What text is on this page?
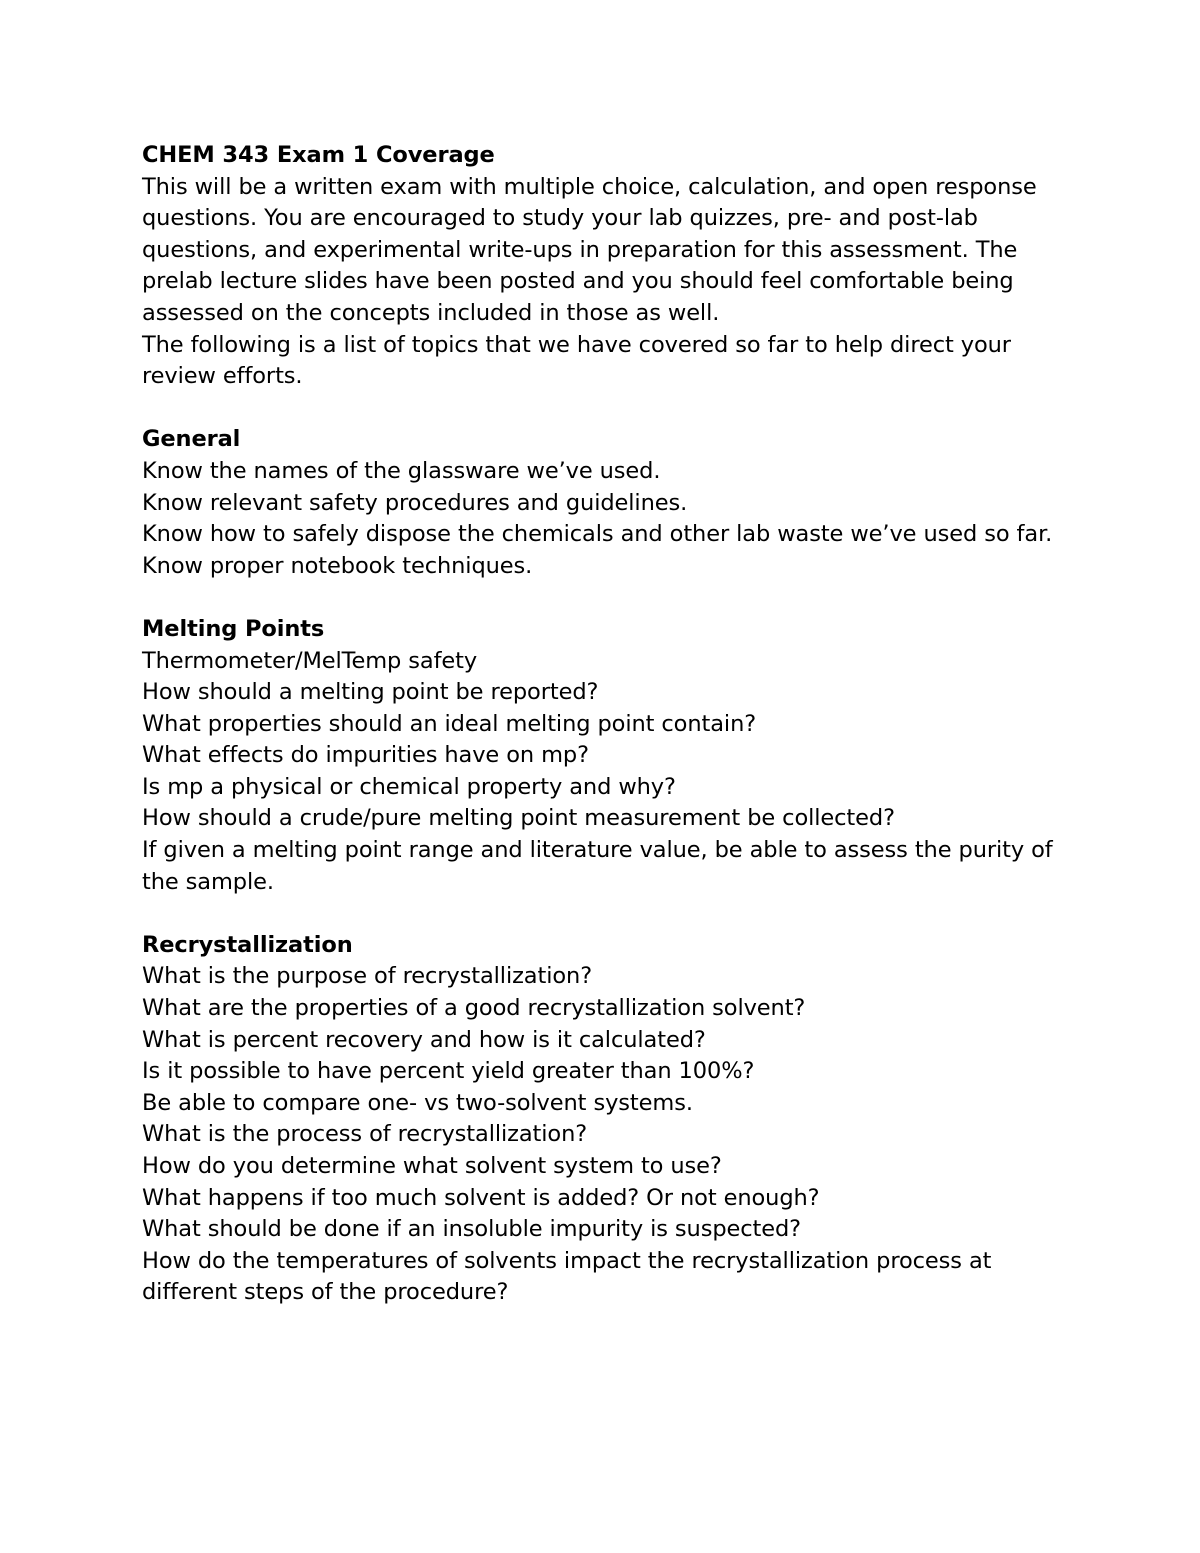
CHEM 343 Exam 1 Coverage

This will be a written exam with multiple choice, calculation, and open response questions. You are encouraged to study your lab quizzes, pre- and post-lab questions, and experimental write-ups in preparation for this assessment. The prelab lecture slides have been posted and you should feel comfortable being assessed on the concepts included in those as well.

The following is a list of topics that we have covered so far to help direct your review efforts.

General

Know the names of the glassware we’ve used.

Know relevant safety procedures and guidelines.

Know how to safely dispose the chemicals and other lab waste we’ve used so far.

Know proper notebook techniques.

Melting Points

Thermometer/MelTemp safety

How should a melting point be reported?

What properties should an ideal melting point contain?

What effects do impurities have on mp?

Is mp a physical or chemical property and why?

How should a crude/pure melting point measurement be collected?

If given a melting point range and literature value, be able to assess the purity of the sample.

Recrystallization

What is the purpose of recrystallization?

What are the properties of a good recrystallization solvent?

What is percent recovery and how is it calculated?

Is it possible to have percent yield greater than 100%?

Be able to compare one- vs two-solvent systems.

What is the process of recrystallization?

How do you determine what solvent system to use?

What happens if too much solvent is added? Or not enough?

What should be done if an insoluble impurity is suspected?

How do the temperatures of solvents impact the recrystallization process at different steps of the procedure?
